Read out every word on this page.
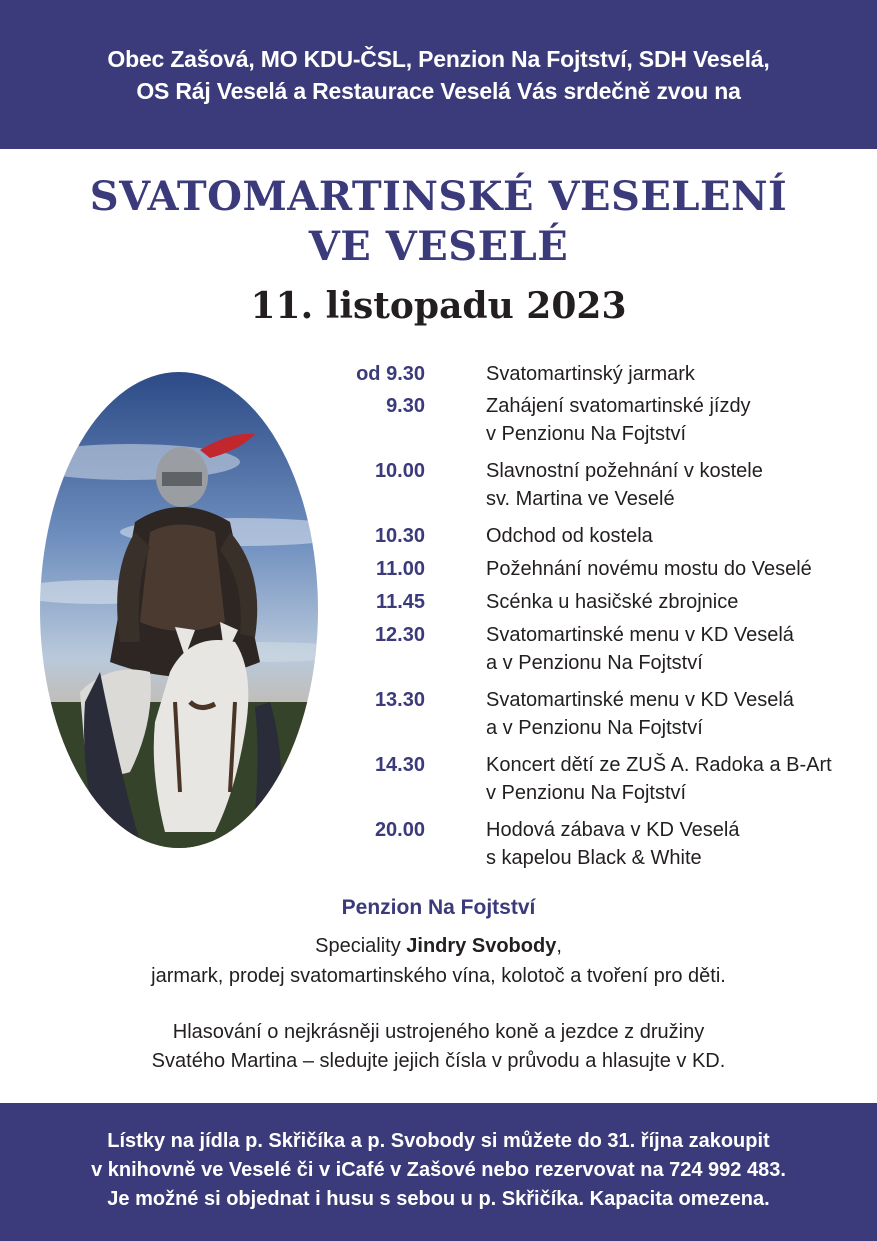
Obec Zašová, MO KDU-ČSL, Penzion Na Fojtství, SDH Veselá,
OS Ráj Veselá a Restaurace Veselá Vás srdečně zvou na
SVATOMARTINSKÉ VESELENÍ
VE VESELÉ
11. listopadu 2023
od 9.30	Svatomartinský jarmark
9.30	Zahájení svatomartinské jízdy
v Penzionu Na Fojtství
10.00	Slavnostní požehnání v kostele
sv. Martina ve Veselé
10.30	Odchod od kostela
11.00	Požehnání novému mostu do Veselé
11.45	Scénka u hasičské zbrojnice
12.30	Svatomartinské menu v KD Veselá
a v Penzionu Na Fojtství
13.30	Svatomartinské menu v KD Veselá
a v Penzionu Na Fojtství
14.30	Koncert dětí ze ZUŠ A. Radoka a B-Art
v Penzionu Na Fojtství
20.00	Hodová zábava v KD Veselá
s kapelou Black & White
Penzion Na Fojtství
Speciality Jindry Svobody,
jarmark, prodej svatomartinského vína, kolotoč a tvoření pro děti.
Hlasování o nejkrásněji ustrojeného koně a jezdce z družiny
Svatého Martina – sledujte jejich čísla v průvodu a hlasujte v KD.
Lístky na jídla p. Skřičíka a p. Svobody si můžete do 31. října zakoupit
v knihovně ve Veselé či v iCafé v Zašové nebo rezervovat na 724 992 483.
Je možné si objednat i husu s sebou u p. Skřičíka. Kapacita omezena.
